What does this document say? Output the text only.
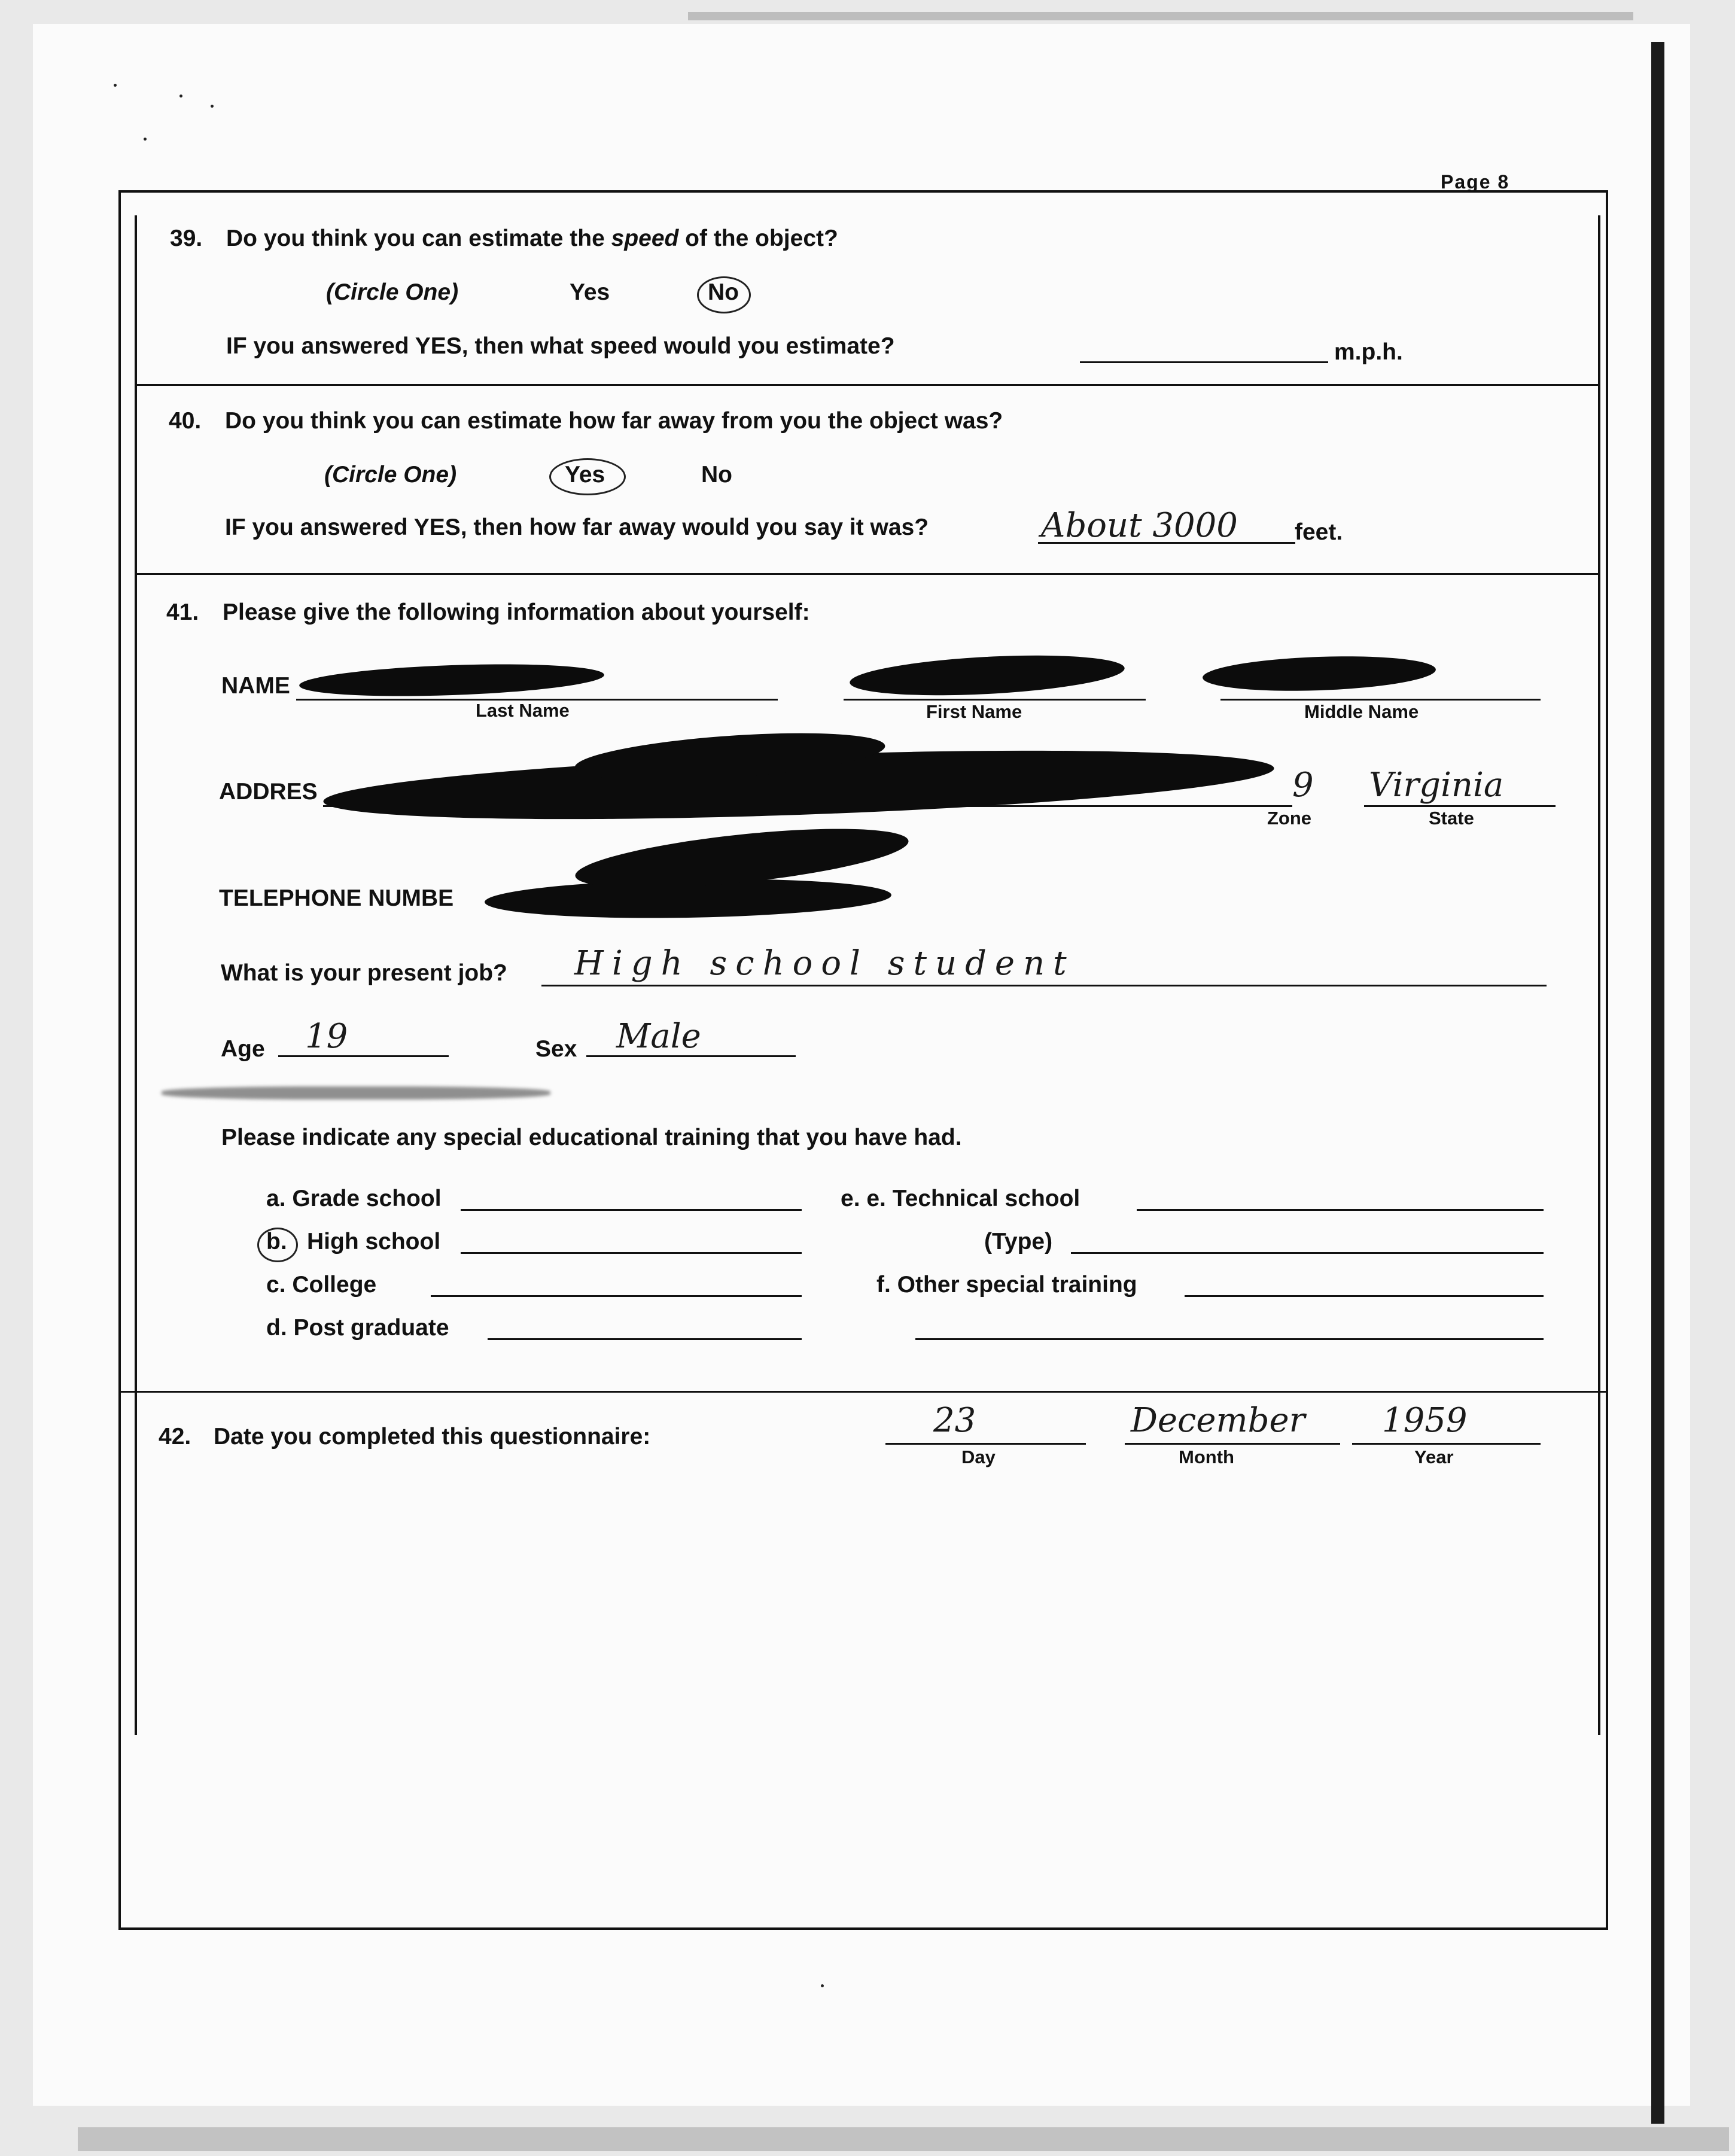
Page 8
39. Do you think you can estimate the speed of the object?
(Circle One)	Yes	No
IF you answered YES, then what speed would you estimate?	m.p.h.
40. Do you think you can estimate how far away from you the object was?
(Circle One)	Yes	No
IF you answered YES, then how far away would you say it was?	About 3000 feet.
41. Please give the following information about yourself:
NAME
Last Name	First Name	Middle Name
ADDRES	9 Virginia
Zone	State
TELEPHONE NUMBE
What is your present job? High school student
Age 19	Sex Male
Please indicate any special educational training that you have had.
a. Grade school
b. High school
c. College
d. Post graduate
e. e. Technical school
(Type)
f. Other special training
42. Date you completed this questionnaire:	23	December 1959
Day	Month	Year
